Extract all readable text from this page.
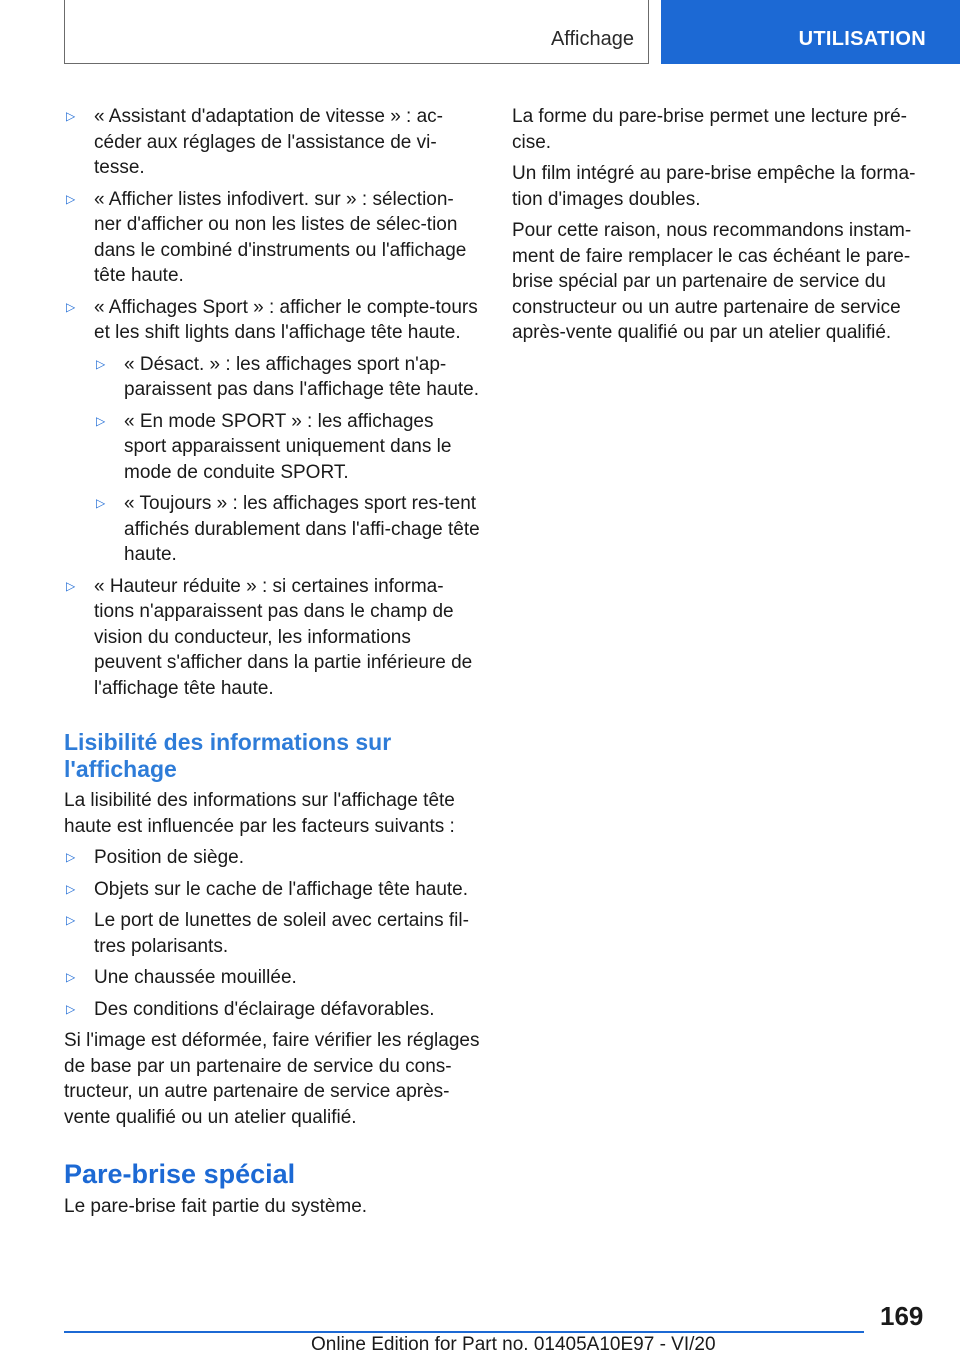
Affichage	UTILISATION
▷ « Assistant d'adaptation de vitesse » : ac-céder aux réglages de l'assistance de vi-tesse.
▷ « Afficher listes infodivert. sur » : sélection-ner d'afficher ou non les listes de sélec-tion dans le combiné d'instruments ou l'affichage tête haute.
▷ « Affichages Sport » : afficher le compte-tours et les shift lights dans l'affichage tête haute.
▷ « Désact. » : les affichages sport n'ap-paraissent pas dans l'affichage tête haute.
▷ « En mode SPORT » : les affichages sport apparaissent uniquement dans le mode de conduite SPORT.
▷ « Toujours » : les affichages sport res-tent affichés durablement dans l'affi-chage tête haute.
▷ « Hauteur réduite » : si certaines informa-tions n'apparaissent pas dans le champ de vision du conducteur, les informations peuvent s'afficher dans la partie inférieure de l'affichage tête haute.
Lisibilité des informations sur l'affichage

La lisibilité des informations sur l'affichage tête haute est influencée par les facteurs suivants :

▷ Position de siège.
▷ Objets sur le cache de l'affichage tête haute.
▷ Le port de lunettes de soleil avec certains fil-tres polarisants.
▷ Une chaussée mouillée.
▷ Des conditions d'éclairage défavorables.

Si l'image est déformée, faire vérifier les réglages de base par un partenaire de service du cons-tructeur, un autre partenaire de service après-vente qualifié ou un atelier qualifié.

Pare-brise spécial

Le pare-brise fait partie du système.

La forme du pare-brise permet une lecture pré-cise.

Un film intégré au pare-brise empêche la forma-tion d'images doubles.

Pour cette raison, nous recommandons instam-ment de faire remplacer le cas échéant le pare-brise spécial par un partenaire de service du constructeur ou un autre partenaire de service après-vente qualifié ou par un atelier qualifié.

169
Online Edition for Part no. 01405A10E97 - VI/20
